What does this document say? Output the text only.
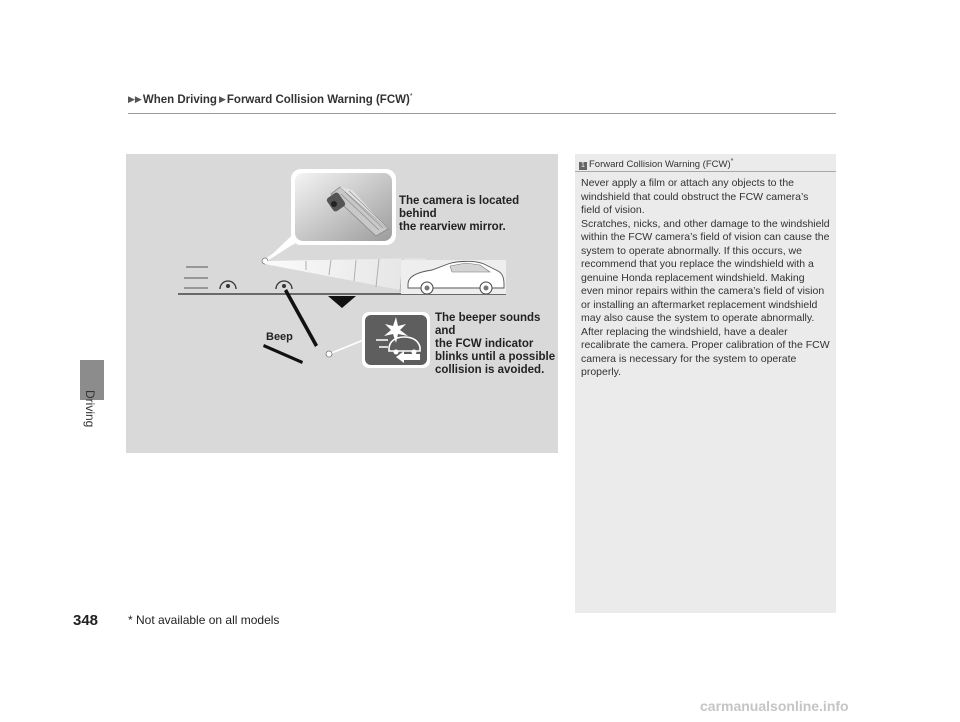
▶▶When Driving ▶Forward Collision Warning (FCW)*
Driving
The camera is located behind
the rearview mirror.
The beeper sounds and
the FCW indicator
blinks until a possible
collision is avoided.
Beep
1 Forward Collision Warning (FCW)*
Never apply a film or attach any objects to the
windshield that could obstruct the FCW camera’s
field of vision.
Scratches, nicks, and other damage to the windshield
within the FCW camera’s field of vision can cause the
system to operate abnormally. If this occurs, we
recommend that you replace the windshield with a
genuine Honda replacement windshield. Making
even minor repairs within the camera’s field of vision
or installing an aftermarket replacement windshield
may also cause the system to operate abnormally.
After replacing the windshield, have a dealer
recalibrate the camera. Proper calibration of the FCW
camera is necessary for the system to operate
properly.
348 * Not available on all models
carmanualsonline.info
